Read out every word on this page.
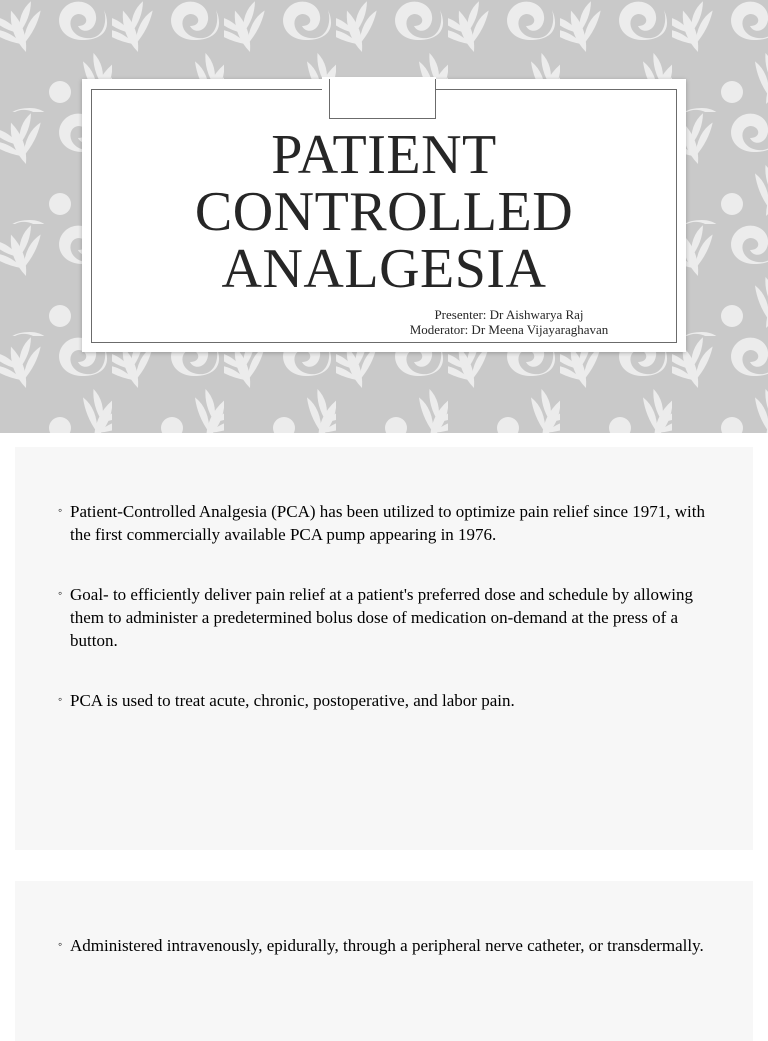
PATIENT
CONTROLLED
ANALGESIA
Presenter: Dr Aishwarya Raj
Moderator: Dr Meena Vijayaraghavan
◦ Patient-Controlled Analgesia (PCA) has been utilized to optimize pain relief since 1971, with the first commercially available PCA pump appearing in 1976.
◦ Goal- to efficiently deliver pain relief at a patient's preferred dose and schedule by allowing them to administer a predetermined bolus dose of medication on-demand at the press of a button.
◦ PCA is used to treat acute, chronic, postoperative, and labor pain.
◦ Administered intravenously, epidurally, through a peripheral nerve catheter, or transdermally.
